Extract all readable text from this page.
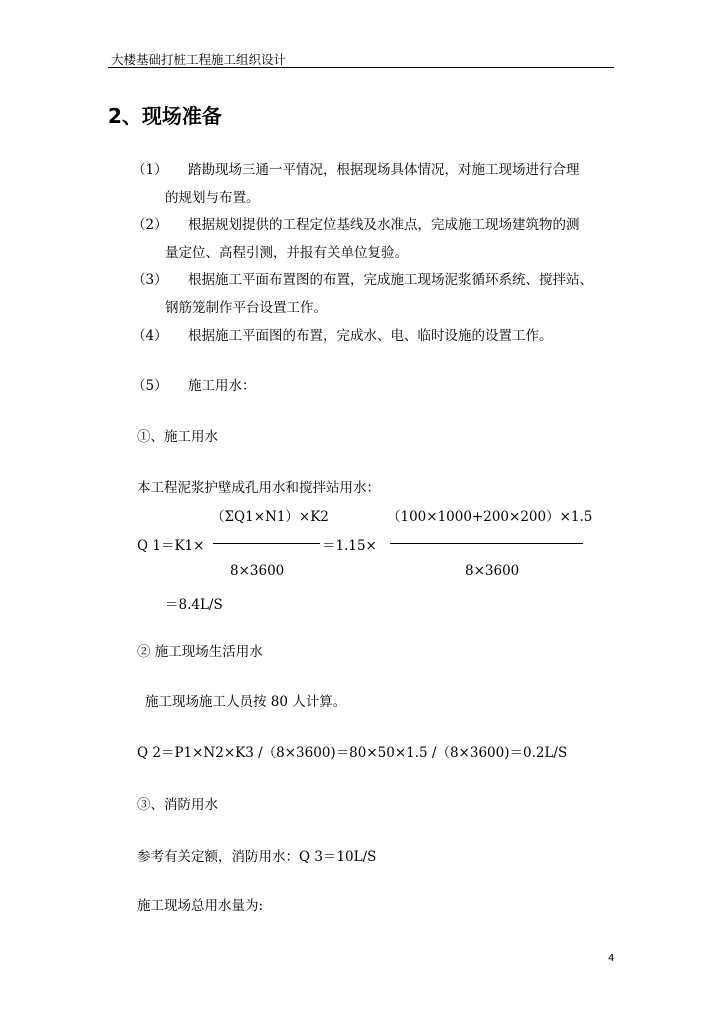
大楼基础打桩工程施工组织设计
2、现场准备
（1） 踏勘现场三通一平情况，根据现场具体情况，对施工现场进行合理
的规划与布置。
（2） 根据规划提供的工程定位基线及水准点，完成施工现场建筑物的测
量定位、高程引测，并报有关单位复验。
（3） 根据施工平面布置图的布置，完成施工现场泥浆循环系统、搅拌站、
钢筋笼制作平台设置工作。
（4） 根据施工平面图的布置，完成水、电、临时设施的设置工作。
（5） 施工用水：
①、施工用水
本工程泥浆护壁成孔用水和搅拌站用水：
（ΣQ1×N1）×K2	（100×1000+200×200）×1.5
Q 1＝K1×	＝1.15×
8×3600	8×3600
＝8.4L/S
② 施工现场生活用水
施工现场施工人员按 80 人计算。
Q 2＝P1×N2×K3 /（8×3600)＝80×50×1.5 /（8×3600)＝0.2L/S
③、消防用水
参考有关定额，消防用水：Q 3＝10L/S
施工现场总用水量为:
4
